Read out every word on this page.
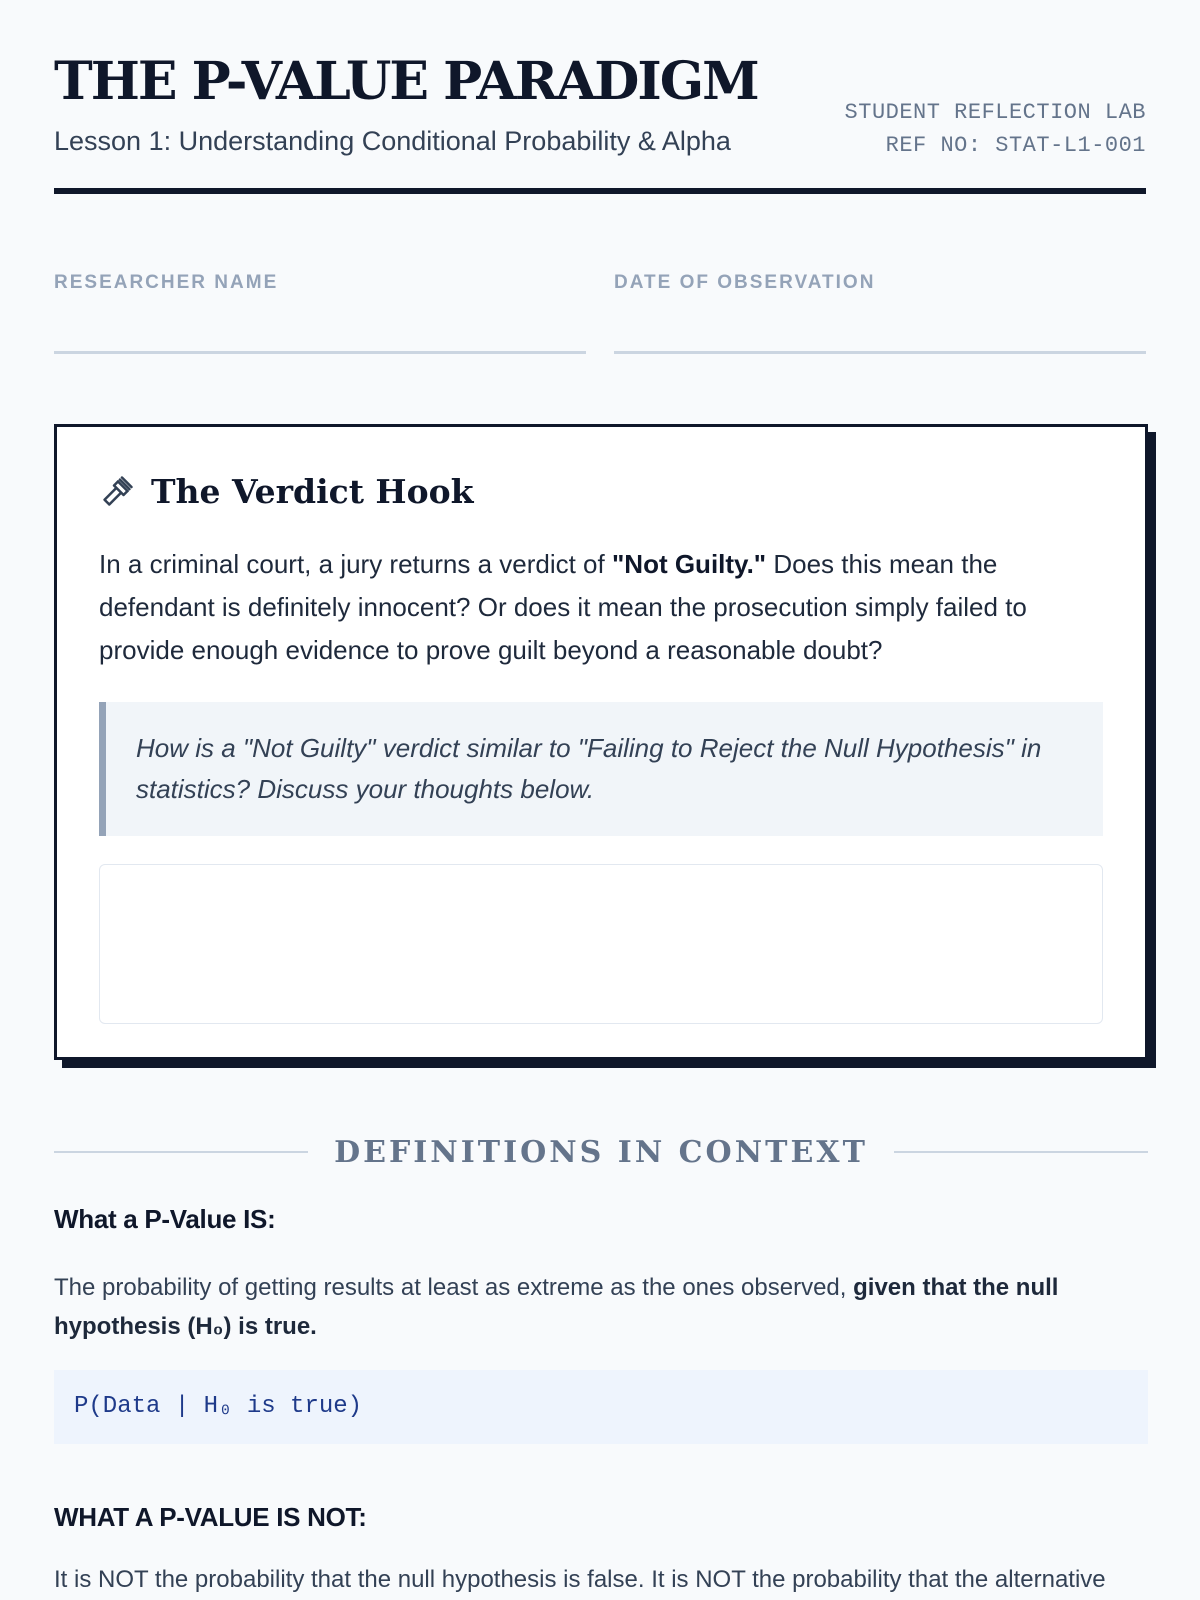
THE P-VALUE PARADIGM
Lesson 1: Understanding Conditional Probability & Alpha
STUDENT REFLECTION LAB
REF NO: STAT-L1-001
RESEARCHER NAME	DATE OF OBSERVATION
The Verdict Hook

In a criminal court, a jury returns a verdict of "Not Guilty." Does this mean the defendant is definitely innocent? Or does it mean the prosecution simply failed to provide enough evidence to prove guilt beyond a reasonable doubt?

How is a "Not Guilty" verdict similar to "Failing to Reject the Null Hypothesis" in statistics? Discuss your thoughts below.
DEFINITIONS IN CONTEXT
What a P-Value IS:

The probability of getting results at least as extreme as the ones observed, given that the null hypothesis (H₀) is true.

P(Data | H₀ is true)
WHAT A P-VALUE IS NOT:

It is NOT the probability that the null hypothesis is false. It is NOT the probability that the alternative
